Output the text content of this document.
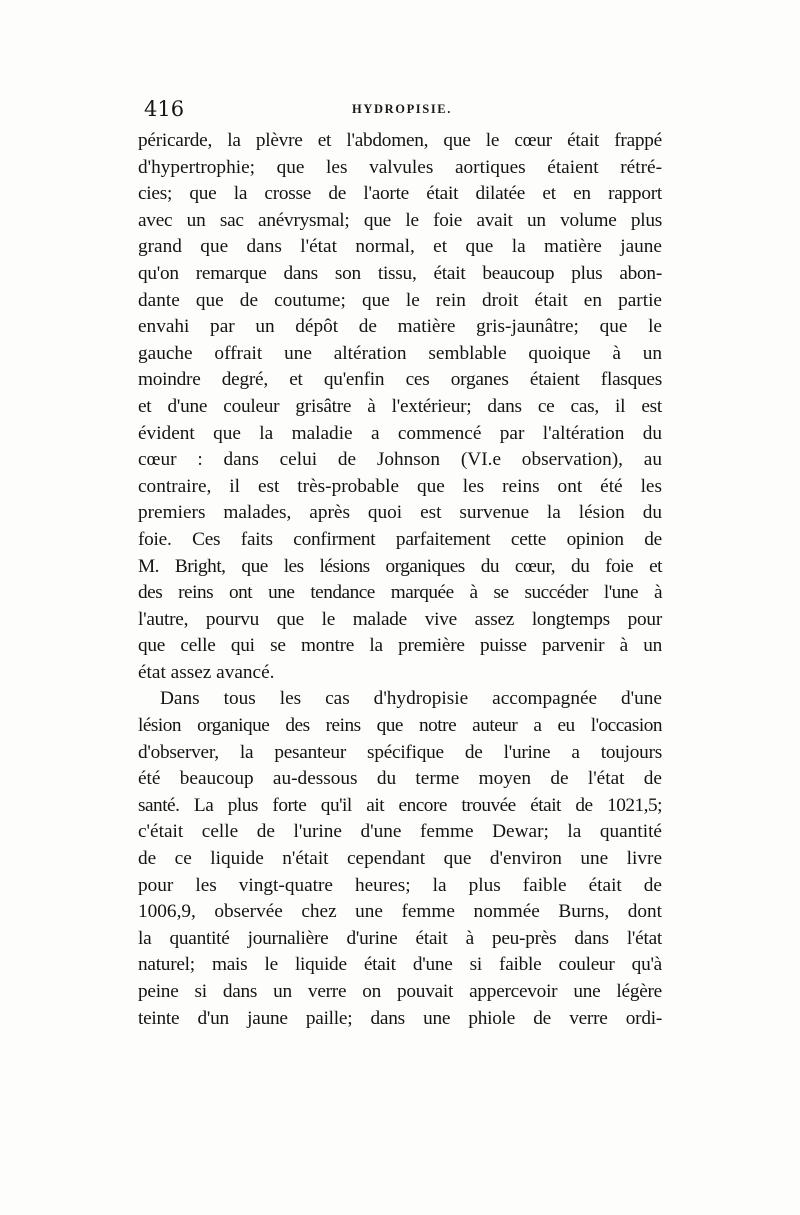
416	HYDROPISIE.
péricarde, la plèvre et l'abdomen, que le cœur était frappé
d'hypertrophie; que les valvules aortiques étaient rétré-
cies; que la crosse de l'aorte était dilatée et en rapport
avec un sac anévrysmal; que le foie avait un volume plus
grand que dans l'état normal, et que la matière jaune
qu'on remarque dans son tissu, était beaucoup plus abon-
dante que de coutume; que le rein droit était en partie
envahi par un dépôt de matière gris-jaunâtre; que le
gauche offrait une altération semblable quoique à un
moindre degré, et qu'enfin ces organes étaient flasques
et d'une couleur grisâtre à l'extérieur; dans ce cas, il est
évident que la maladie a commencé par l'altération du
cœur : dans celui de Johnson (VI.e observation), au
contraire, il est très-probable que les reins ont été les
premiers malades, après quoi est survenue la lésion du
foie. Ces faits confirment parfaitement cette opinion de
M. Bright, que les lésions organiques du cœur, du foie et
des reins ont une tendance marquée à se succéder l'une à
l'autre, pourvu que le malade vive assez longtemps pour
que celle qui se montre la première puisse parvenir à un
état assez avancé.
Dans tous les cas d'hydropisie accompagnée d'une
lésion organique des reins que notre auteur a eu l'occasion
d'observer, la pesanteur spécifique de l'urine a toujours
été beaucoup au-dessous du terme moyen de l'état de
santé. La plus forte qu'il ait encore trouvée était de 1021,5;
c'était celle de l'urine d'une femme Dewar; la quantité
de ce liquide n'était cependant que d'environ une livre
pour les vingt-quatre heures; la plus faible était de
1006,9, observée chez une femme nommée Burns, dont
la quantité journalière d'urine était à peu-près dans l'état
naturel; mais le liquide était d'une si faible couleur qu'à
peine si dans un verre on pouvait appercevoir une légère
teinte d'un jaune paille; dans une phiole de verre ordi-
